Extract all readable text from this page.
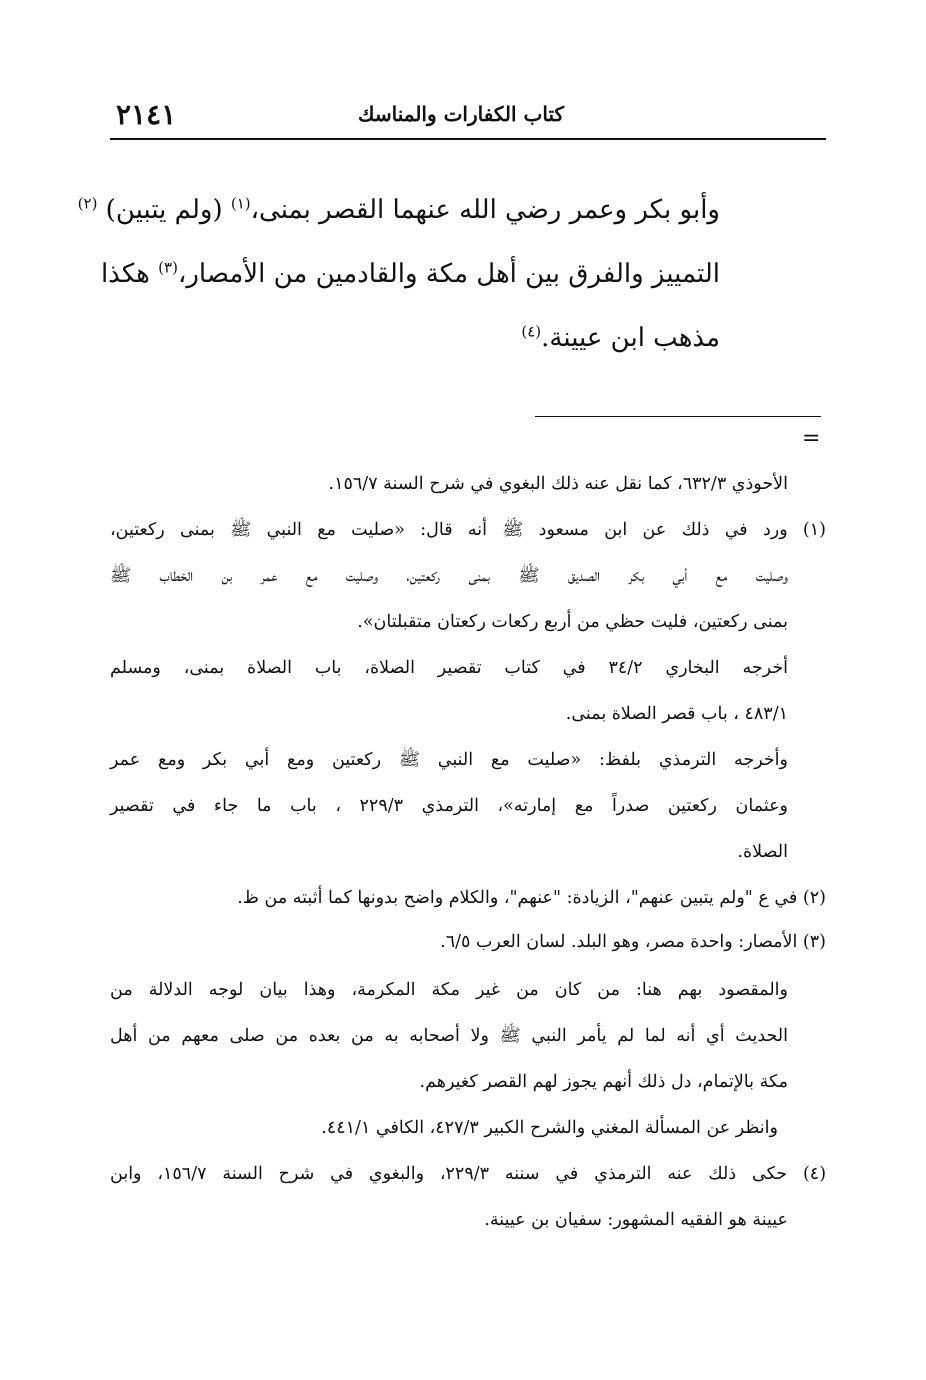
٢١٤١	كتاب الكفارات والمناسك
وأبو بكر وعمر رضي الله عنهما القصر بمنى،$^{(١)}$ (ولم يتبين) $^{(٢)}$
التمييز والفرق بين أهل مكة والقادمين من الأمصار،$^{(٣)}$ هكذا
مذهب ابن عيينة.$^{(٤)}$
=
الأحوذي ٦٣٢/٣، كما نقل عنه ذلك البغوي في شرح السنة ١٥٦/٧.
(١) ورد في ذلك عن ابن مسعود ﷺ أنه قال: «صليت مع النبي ﷺ بمنى ركعتين،
وصليت مع أبي بكر الصديق ﷺ بمنى ركعتين، وصليت مع عمر بن الخطاب ﷺ
بمنى ركعتين، فليت حظي من أربع ركعات ركعتان متقبلتان».
أخرجه البخاري ٣٤/٢ في كتاب تقصير الصلاة، باب الصلاة بمنى، ومسلم
٤٨٣/١ ، باب قصر الصلاة بمنى.
وأخرجه الترمذي بلفظ: «صليت مع النبي ﷺ ركعتين ومع أبي بكر ومع عمر
وعثمان ركعتين صدراً مع إمارته»، الترمذي ٢٢٩/٣ ، باب ما جاء في تقصير
الصلاة.
(٢) في ع "ولم يتبين عنهم"، الزيادة: "عنهم"، والكلام واضح بدونها كما أثبته من ظ.
(٣) الأمصار: واحدة مصر، وهو البلد. لسان العرب ٦/٥.
والمقصود بهم هنا: من كان من غير مكة المكرمة، وهذا بيان لوجه الدلالة من
الحديث أي أنه لما لم يأمر النبي ﷺ ولا أصحابه به من بعده من صلى معهم من أهل
مكة بالإتمام، دل ذلك أنهم يجوز لهم القصر كغيرهم.
وانظر عن المسألة المغني والشرح الكبير ٤٢٧/٣، الكافي ٤٤١/١.
(٤) حكى ذلك عنه الترمذي في سننه ٢٢٩/٣، والبغوي في شرح السنة ١٥٦/٧، وابن
عيينة هو الفقيه المشهور: سفيان بن عيينة.
